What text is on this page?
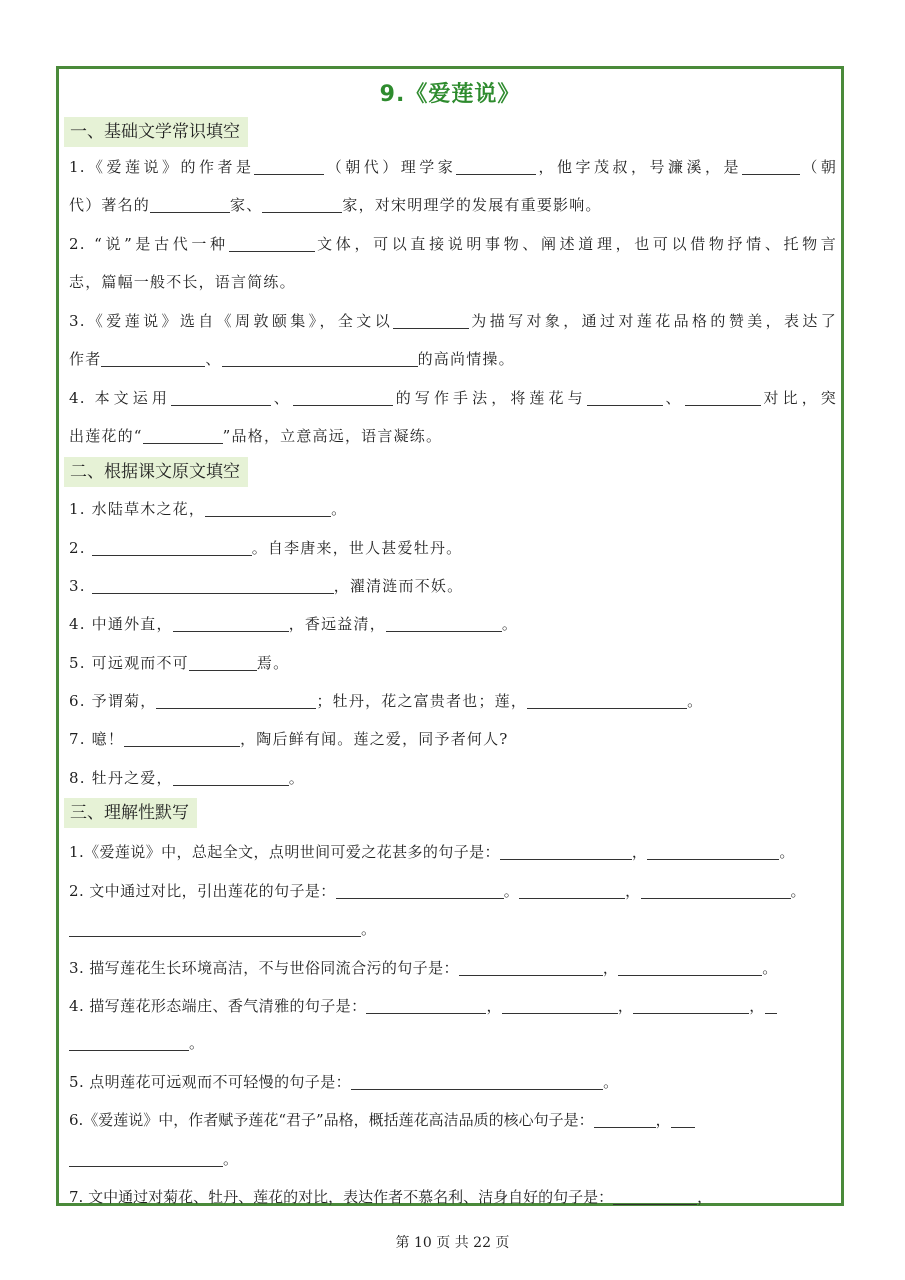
9.《爱莲说》
一、基础文学常识填空
1.《爱莲说》的作者是	（朝代）理学家	，他字茂叔，号濂溪，是	（朝
代）著名的	家、	家，对宋明理学的发展有重要影响。
2. “说”是古代一种	文体，可以直接说明事物、阐述道理，也可以借物抒情、托物言
志，篇幅一般不长，语言简练。
3.《爱莲说》选自《周敦颐集》，全文以	为描写对象，通过对莲花品格的赞美，表达了
作者	、	的高尚情操。
4. 本文运用	、	的写作手法，将莲花与	、	对比，突
出莲花的“	”品格，立意高远，语言凝练。
二、根据课文原文填空
1. 水陆草木之花，	。
2.	。自李唐来，世人甚爱牡丹。
3.	，濯清涟而不妖。
4. 中通外直，	，香远益清，	。
5. 可远观而不可	焉。
6. 予谓菊，	；牡丹，花之富贵者也；莲，	。
7. 噫！	，陶后鲜有闻。莲之爱，同予者何人?
8. 牡丹之爱，	。
三、理解性默写
1.《爱莲说》中，总起全文，点明世间可爱之花甚多的句子是：	，	。
2. 文中通过对比，引出莲花的句子是：	。	，	。
。
3. 描写莲花生长环境高洁，不与世俗同流合污的句子是：	，	。
4. 描写莲花形态端庄、香气清雅的句子是：	，	，	，
。
5. 点明莲花可远观而不可轻慢的句子是：	。
6.《爱莲说》中，作者赋予莲花“君子”品格，概括莲花高洁品质的核心句子是：	，
。
7. 文中通过对菊花、牡丹、莲花的对比，表达作者不慕名利、洁身自好的句子是：	，
第 10 页 共 22 页
